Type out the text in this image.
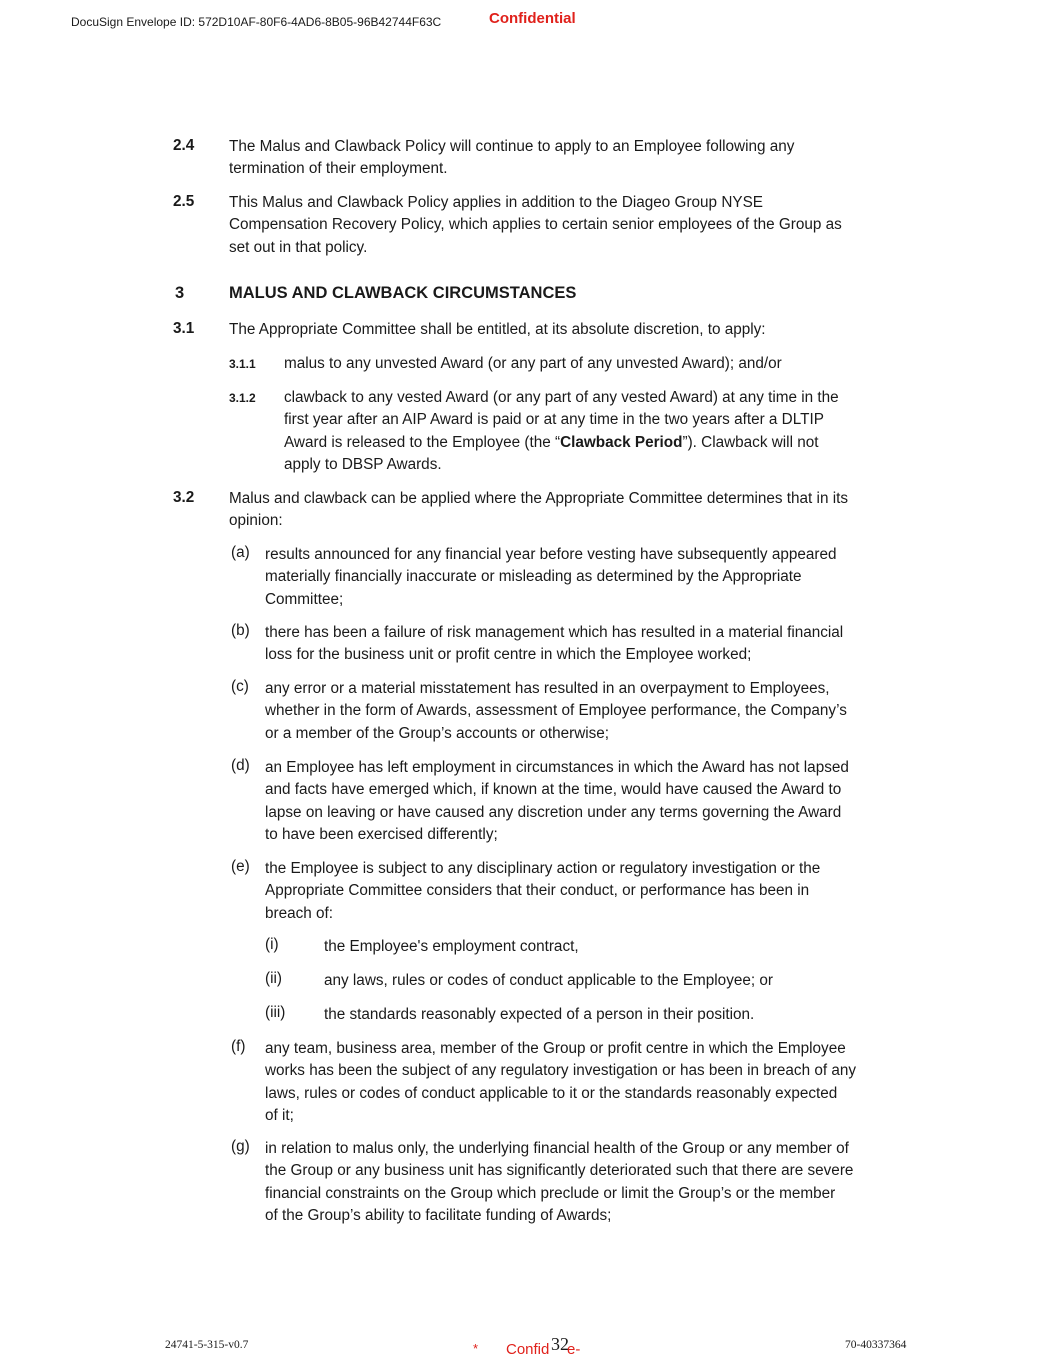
DocuSign Envelope ID: 572D10AF-80F6-4AD6-8B05-96B42744F63C	Confidential
2.4 The Malus and Clawback Policy will continue to apply to an Employee following any
termination of their employment.
2.5 This Malus and Clawback Policy applies in addition to the Diageo Group NYSE
Compensation Recovery Policy, which applies to certain senior employees of the Group as
set out in that policy.
3	MALUS AND CLAWBACK CIRCUMSTANCES
3.1 The Appropriate Committee shall be entitled, at its absolute discretion, to apply:
3.1.1 malus to any unvested Award (or any part of any unvested Award); and/or
3.1.2 clawback to any vested Award (or any part of any vested Award) at any time in the
first year after an AIP Award is paid or at any time in the two years after a DLTIP
Award is released to the Employee (the “Clawback Period”). Clawback will not
apply to DBSP Awards.
3.2 Malus and clawback can be applied where the Appropriate Committee determines that in its
opinion:
(a) results announced for any financial year before vesting have subsequently appeared
materially financially inaccurate or misleading as determined by the Appropriate
Committee;
(b) there has been a failure of risk management which has resulted in a material financial
loss for the business unit or profit centre in which the Employee worked;
(c) any error or a material misstatement has resulted in an overpayment to Employees,
whether in the form of Awards, assessment of Employee performance, the Company’s
or a member of the Group’s accounts or otherwise;
(d) an Employee has left employment in circumstances in which the Award has not lapsed
and facts have emerged which, if known at the time, would have caused the Award to
lapse on leaving or have caused any discretion under any terms governing the Award
to have been exercised differently;
(e) the Employee is subject to any disciplinary action or regulatory investigation or the
Appropriate Committee considers that their conduct, or performance has been in
breach of:
(i)	the Employee's employment contract,
(ii)	any laws, rules or codes of conduct applicable to the Employee; or
(iii)	the standards reasonably expected of a person in their position.
(f) any team, business area, member of the Group or profit centre in which the Employee
works has been the subject of any regulatory investigation or has been in breach of any
laws, rules or codes of conduct applicable to it or the standards reasonably expected
of it;
(g) in relation to malus only, the underlying financial health of the Group or any member of
the Group or any business unit has significantly deteriorated such that there are severe
financial constraints on the Group which preclude or limit the Group’s or the member
of the Group’s ability to facilitate funding of Awards;
24741-5-315-v0.7	* Confid 32
e-	70-40337364
